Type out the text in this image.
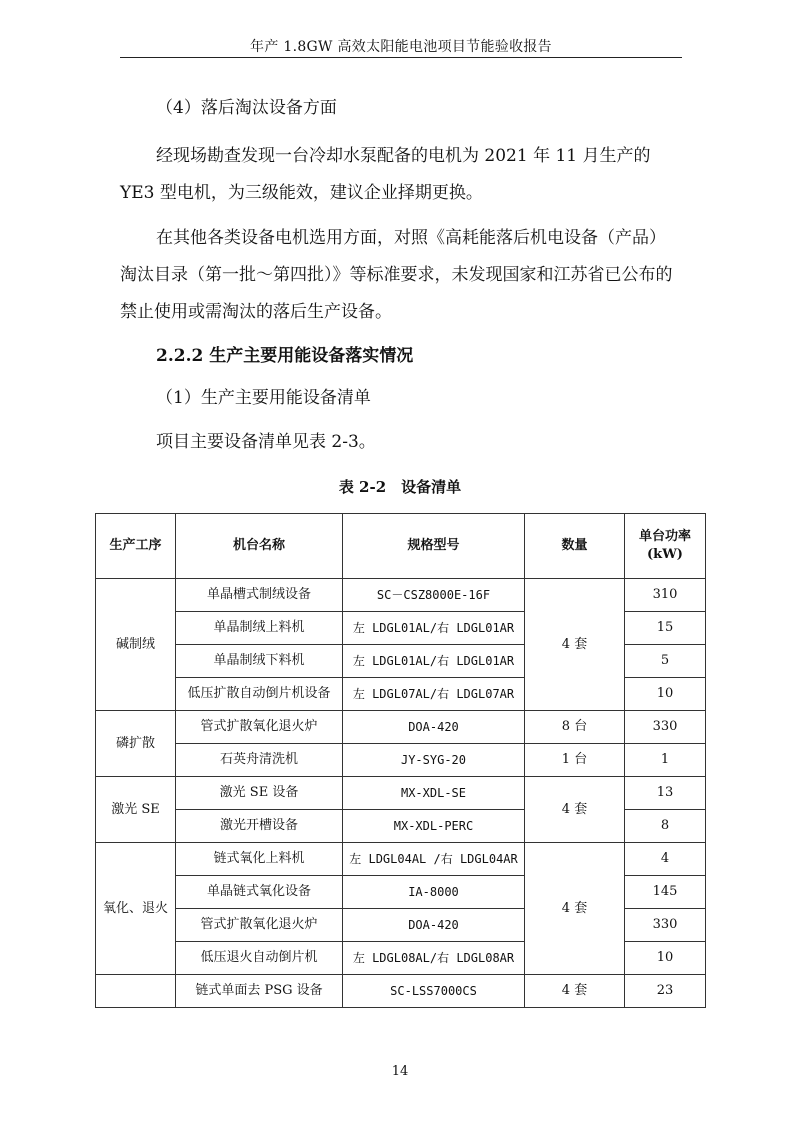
年产 1.8GW 高效太阳能电池项目节能验收报告

（4）落后淘汰设备方面

经现场勘查发现一台冷却水泵配备的电机为 2021 年 11 月生产的 YE3 型电机，为三级能效，建议企业择期更换。

在其他各类设备电机选用方面，对照《高耗能落后机电设备（产品）淘汰目录（第一批～第四批）》等标准要求，未发现国家和江苏省已公布的禁止使用或需淘汰的落后生产设备。

2.2.2 生产主要用能设备落实情况

（1）生产主要用能设备清单

项目主要设备清单见表 2-3。

表 2-2　设备清单
生产工序	机台名称	规格型号	数量	单台功率(kW)
碱制绒	单晶槽式制绒设备	SC－CSZ8000E-16F	4 套	310
	单晶制绒上料机	左 LDGL01AL/右 LDGL01AR		15
	单晶制绒下料机	左 LDGL01AL/右 LDGL01AR		5
	低压扩散自动倒片机设备	左 LDGL07AL/右 LDGL07AR		10
磷扩散	管式扩散氧化退火炉	DOA-420	8 台	330
	石英舟清洗机	JY-SYG-20	1 台	1
激光 SE	激光 SE 设备	MX-XDL-SE	4 套	13
	激光开槽设备	MX-XDL-PERC		8
氧化、退火	链式氧化上料机	左 LDGL04AL /右 LDGL04AR	4 套	4
	单晶链式氧化设备	IA-8000		145
	管式扩散氧化退火炉	DOA-420		330
	低压退火自动倒片机	左 LDGL08AL/右 LDGL08AR		10
	链式单面去 PSG 设备	SC-LSS7000CS	4 套	23
14
